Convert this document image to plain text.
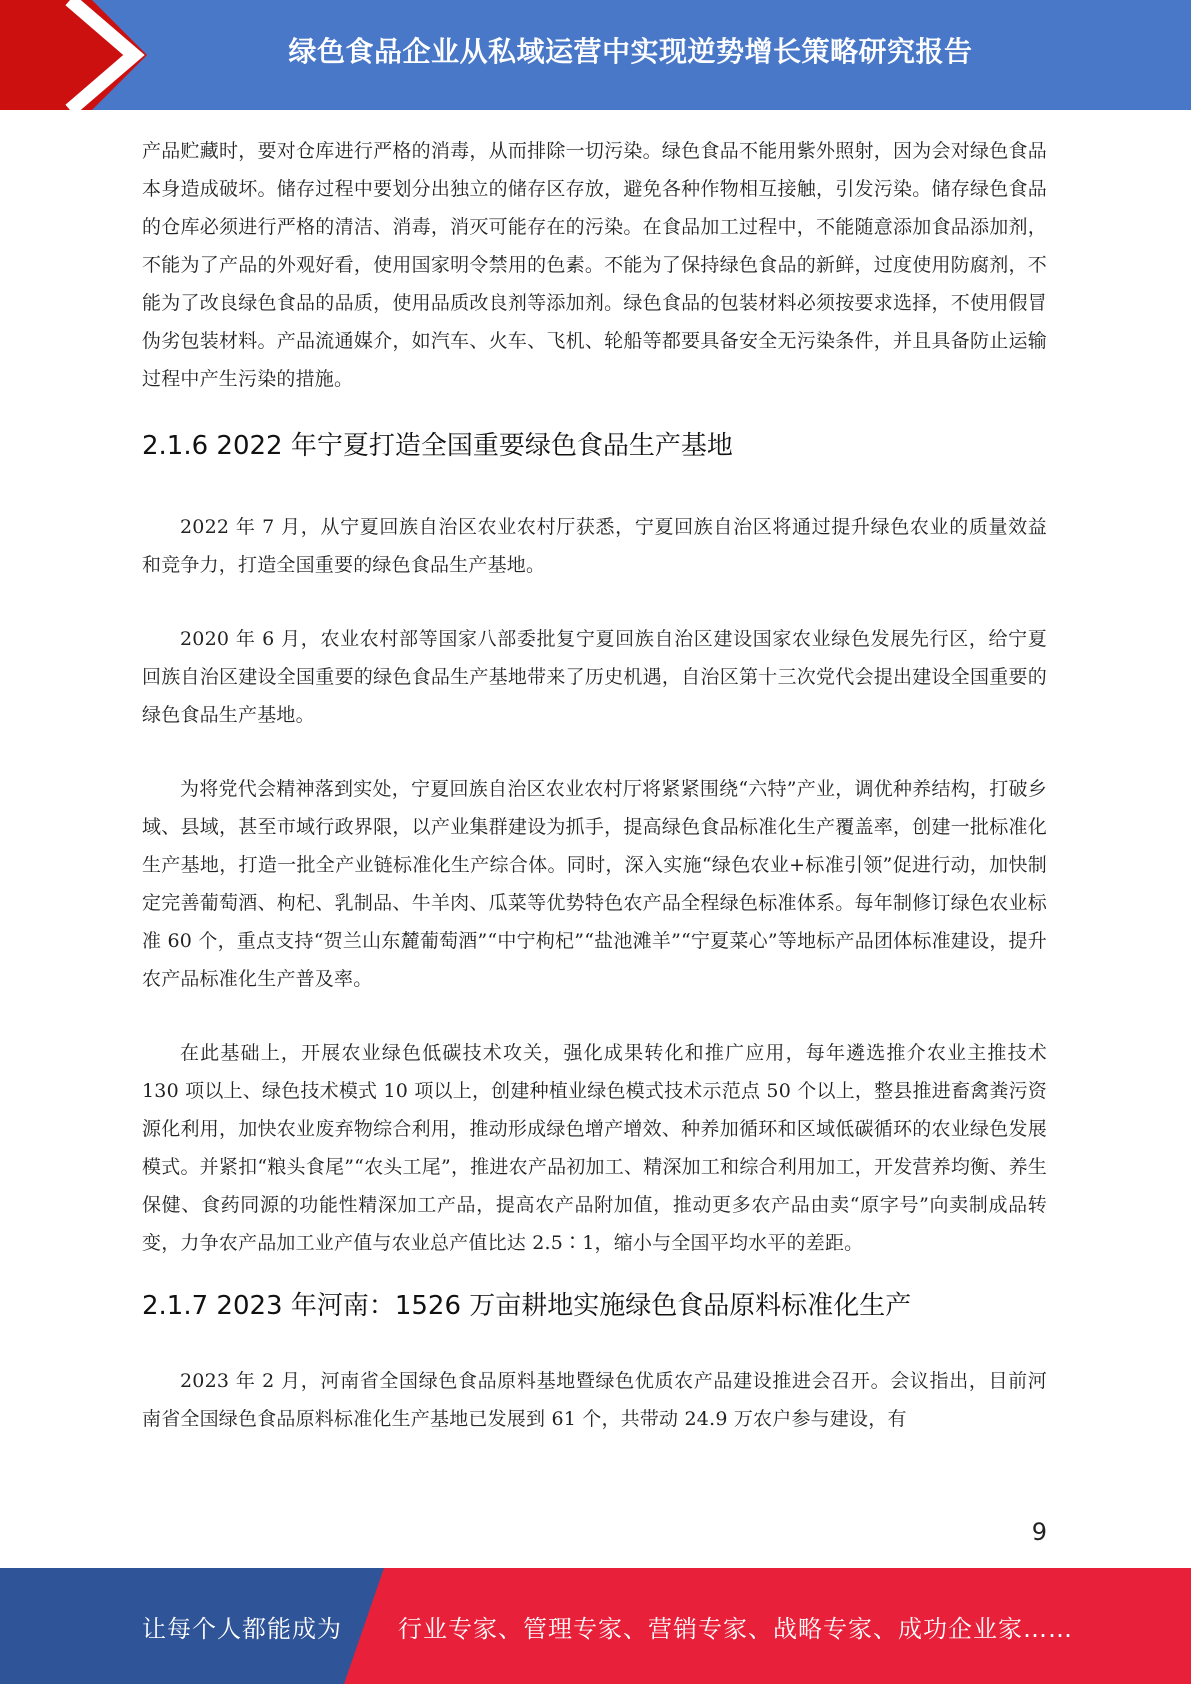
绿色食品企业从私域运营中实现逆势增长策略研究报告

产品贮藏时，要对仓库进行严格的消毒，从而排除一切污染。绿色食品不能用紫外照射，因为会对绿色食品本身造成破坏。储存过程中要划分出独立的储存区存放，避免各种作物相互接触，引发污染。储存绿色食品的仓库必须进行严格的清洁、消毒，消灭可能存在的污染。在食品加工过程中，不能随意添加食品添加剂，不能为了产品的外观好看，使用国家明令禁用的色素。不能为了保持绿色食品的新鲜，过度使用防腐剂，不能为了改良绿色食品的品质，使用品质改良剂等添加剂。绿色食品的包装材料必须按要求选择，不使用假冒伪劣包装材料。产品流通媒介，如汽车、火车、飞机、轮船等都要具备安全无污染条件，并且具备防止运输过程中产生污染的措施。

2.1.6 2022 年宁夏打造全国重要绿色食品生产基地

2022 年 7 月，从宁夏回族自治区农业农村厅获悉，宁夏回族自治区将通过提升绿色农业的质量效益和竞争力，打造全国重要的绿色食品生产基地。

2020 年 6 月，农业农村部等国家八部委批复宁夏回族自治区建设国家农业绿色发展先行区，给宁夏回族自治区建设全国重要的绿色食品生产基地带来了历史机遇，自治区第十三次党代会提出建设全国重要的绿色食品生产基地。

为将党代会精神落到实处，宁夏回族自治区农业农村厅将紧紧围绕“六特”产业，调优种养结构，打破乡域、县域，甚至市域行政界限，以产业集群建设为抓手，提高绿色食品标准化生产覆盖率，创建一批标准化生产基地，打造一批全产业链标准化生产综合体。同时，深入实施“绿色农业+标准引领”促进行动，加快制定完善葡萄酒、枸杞、乳制品、牛羊肉、瓜菜等优势特色农产品全程绿色标准体系。每年制修订绿色农业标准 60 个，重点支持“贺兰山东麓葡萄酒”“中宁枸杞”“盐池滩羊”“宁夏菜心”等地标产品团体标准建设，提升农产品标准化生产普及率。

在此基础上，开展农业绿色低碳技术攻关，强化成果转化和推广应用，每年遴选推介农业主推技术 130 项以上、绿色技术模式 10 项以上，创建种植业绿色模式技术示范点 50 个以上，整县推进畜禽粪污资源化利用，加快农业废弃物综合利用，推动形成绿色增产增效、种养加循环和区域低碳循环的农业绿色发展模式。并紧扣“粮头食尾”“农头工尾”，推进农产品初加工、精深加工和综合利用加工，开发营养均衡、养生保健、食药同源的功能性精深加工产品，提高农产品附加值，推动更多农产品由卖“原字号”向卖制成品转变，力争农产品加工业产值与农业总产值比达 2.5∶1，缩小与全国平均水平的差距。

2.1.7 2023 年河南：1526 万亩耕地实施绿色食品原料标准化生产

2023 年 2 月，河南省全国绿色食品原料基地暨绿色优质农产品建设推进会召开。会议指出，目前河南省全国绿色食品原料标准化生产基地已发展到 61 个，共带动 24.9 万农户参与建设，有

9
让每个人都能成为 行业专家、管理专家、营销专家、战略专家、成功企业家……
